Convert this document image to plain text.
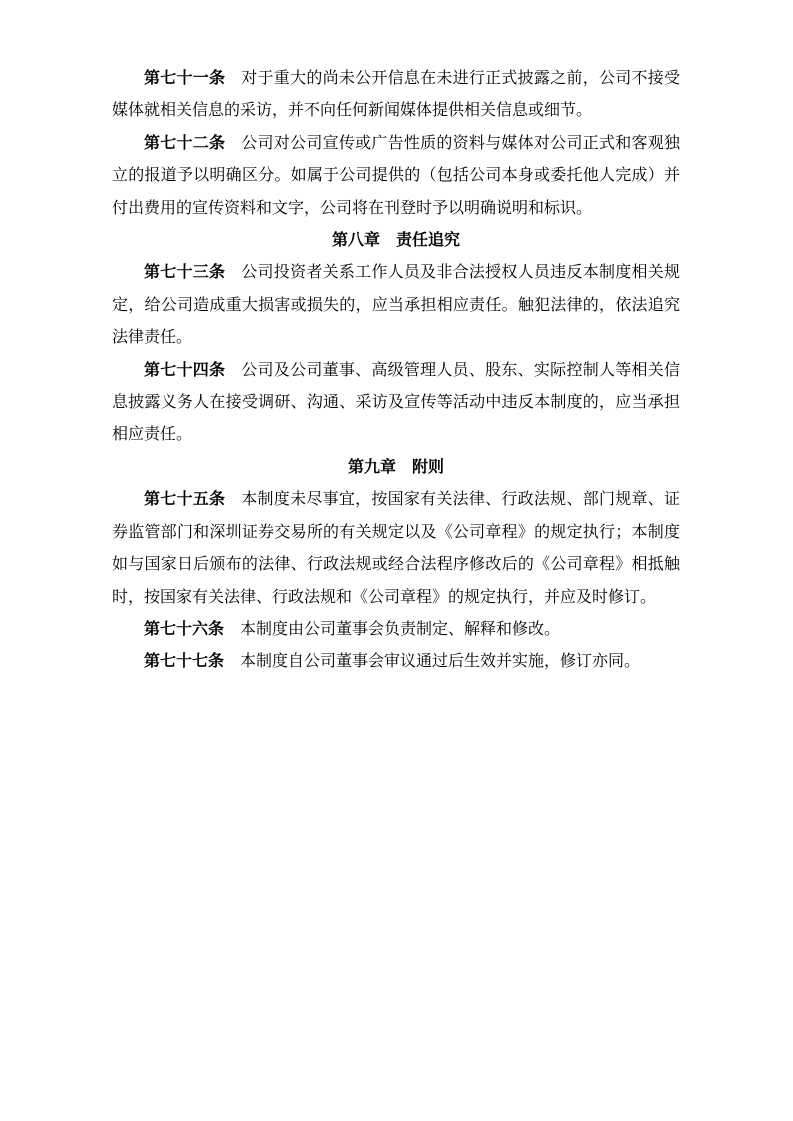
第七十一条 对于重大的尚未公开信息在未进行正式披露之前，公司不接受媒体就相关信息的采访，并不向任何新闻媒体提供相关信息或细节。

第七十二条 公司对公司宣传或广告性质的资料与媒体对公司正式和客观独立的报道予以明确区分。如属于公司提供的（包括公司本身或委托他人完成）并付出费用的宣传资料和文字，公司将在刊登时予以明确说明和标识。

第八章 责任追究

第七十三条 公司投资者关系工作人员及非合法授权人员违反本制度相关规定，给公司造成重大损害或损失的，应当承担相应责任。触犯法律的，依法追究法律责任。

第七十四条 公司及公司董事、高级管理人员、股东、实际控制人等相关信息披露义务人在接受调研、沟通、采访及宣传等活动中违反本制度的，应当承担相应责任。

第九章 附则

第七十五条 本制度未尽事宜，按国家有关法律、行政法规、部门规章、证券监管部门和深圳证券交易所的有关规定以及《公司章程》的规定执行；本制度如与国家日后颁布的法律、行政法规或经合法程序修改后的《公司章程》相抵触时，按国家有关法律、行政法规和《公司章程》的规定执行，并应及时修订。

第七十六条 本制度由公司董事会负责制定、解释和修改。

第七十七条 本制度自公司董事会审议通过后生效并实施，修订亦同。
